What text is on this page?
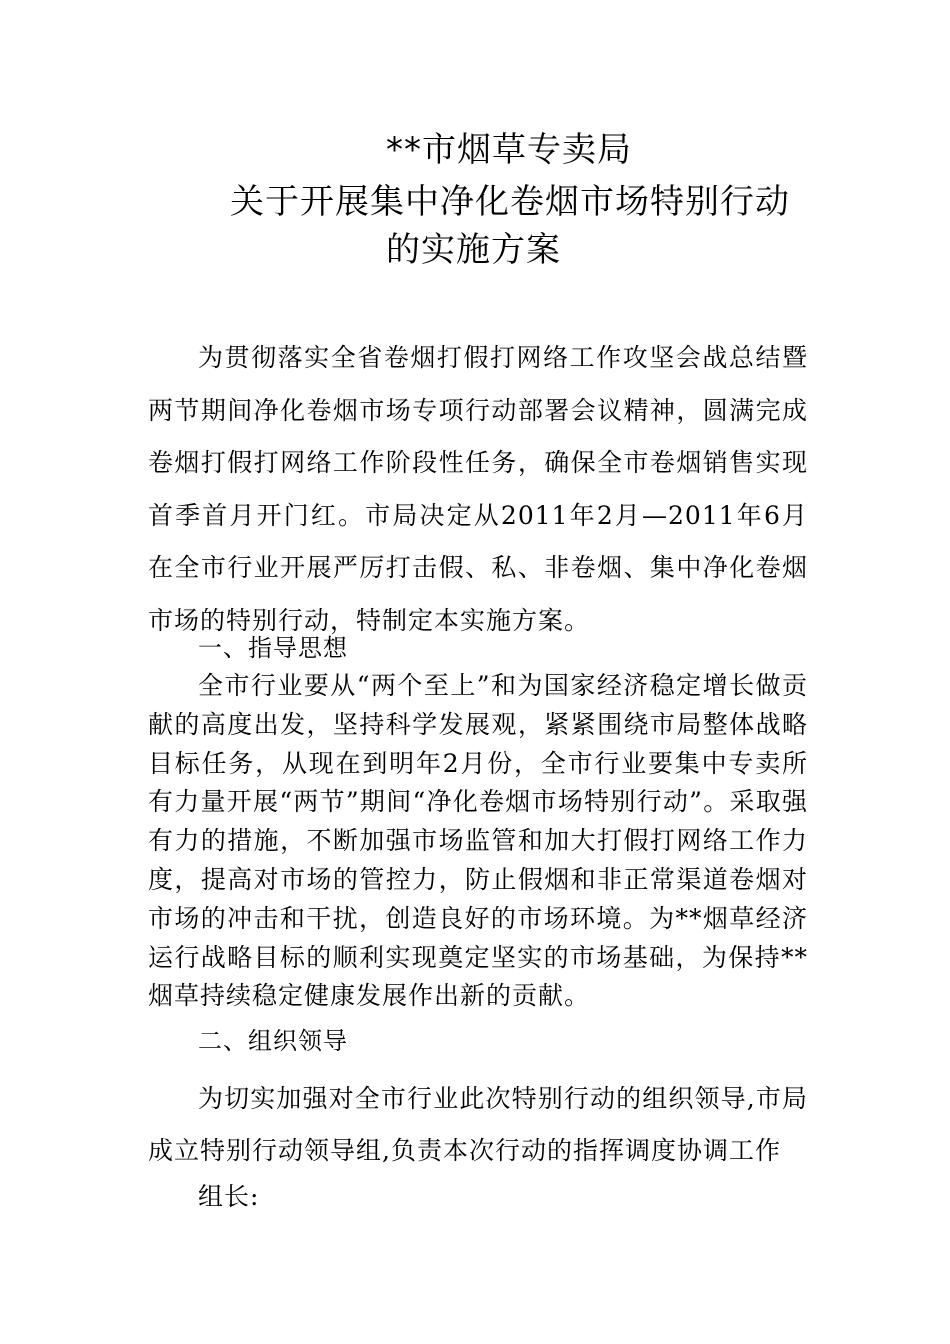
**市烟草专卖局
关于开展集中净化卷烟市场特别行动
的实施方案

为贯彻落实全省卷烟打假打网络工作攻坚会战总结暨两节期间净化卷烟市场专项行动部署会议精神，圆满完成卷烟打假打网络工作阶段性任务，确保全市卷烟销售实现首季首月开门红。市局决定从2011年2月—2011年6月在全市行业开展严厉打击假、私、非卷烟、集中净化卷烟市场的特别行动，特制定本实施方案。

一、指导思想

全市行业要从“两个至上”和为国家经济稳定增长做贡献的高度出发，坚持科学发展观，紧紧围绕市局整体战略目标任务，从现在到明年2月份，全市行业要集中专卖所有力量开展“两节”期间“净化卷烟市场特别行动”。采取强有力的措施，不断加强市场监管和加大打假打网络工作力度，提高对市场的管控力，防止假烟和非正常渠道卷烟对市场的冲击和干扰，创造良好的市场环境。为**烟草经济运行战略目标的顺利实现奠定坚实的市场基础，为保持**烟草持续稳定健康发展作出新的贡献。

二、组织领导

为切实加强对全市行业此次特别行动的组织领导,市局成立特别行动领导组,负责本次行动的指挥调度协调工作

组长:
